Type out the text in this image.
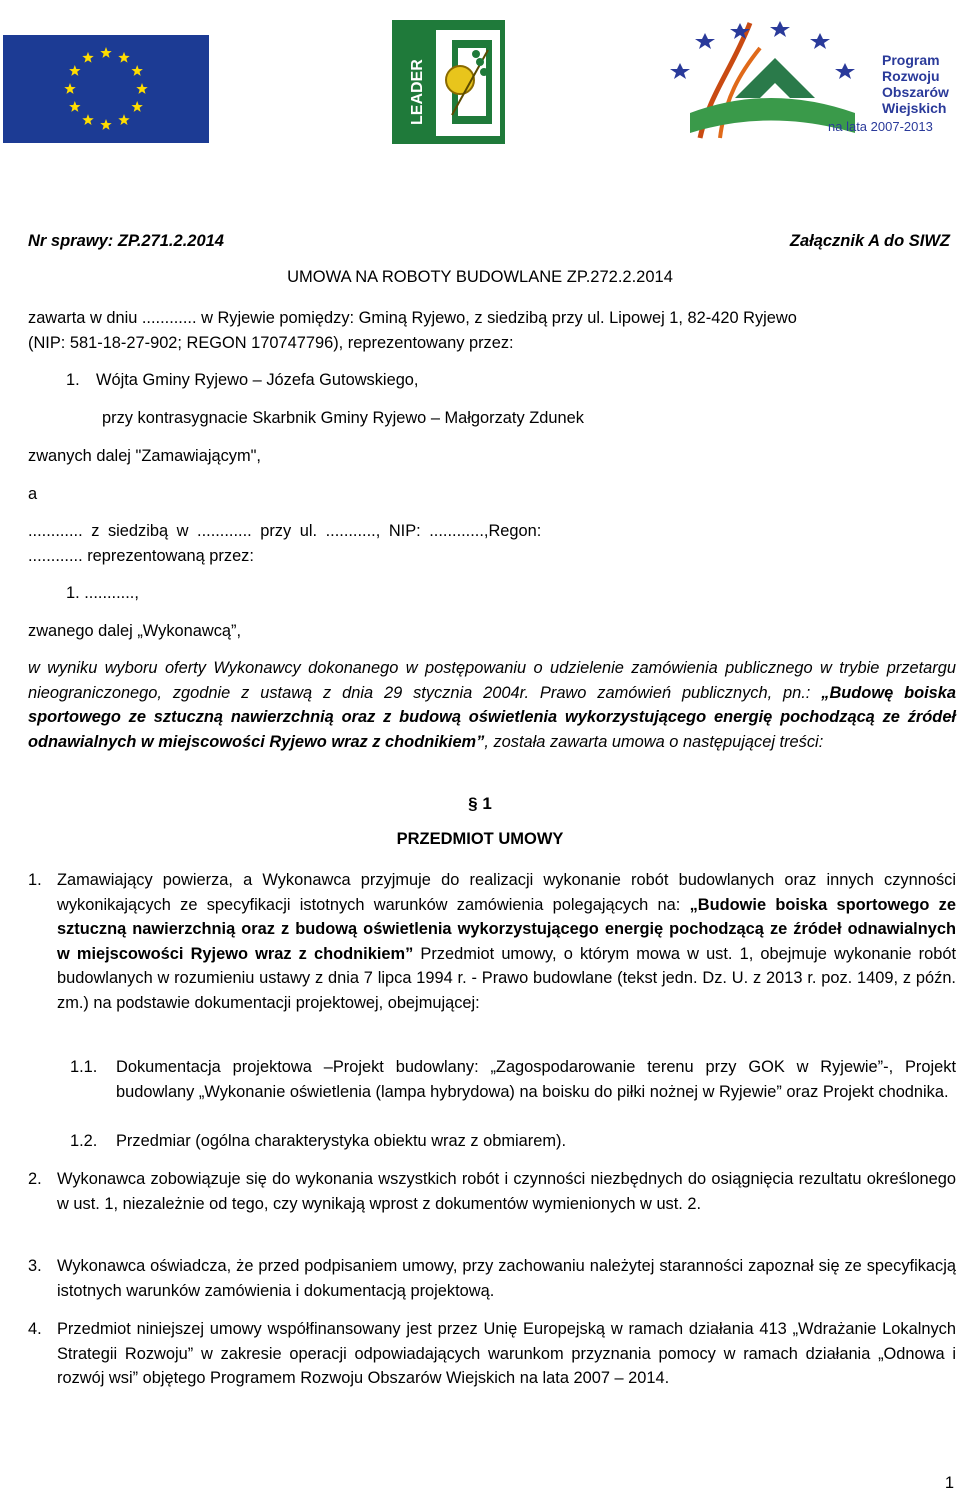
LEADER	Program
Rozwoju
Obszarów
Wiejskich
na lata 2007-2013
Nr sprawy: ZP.271.2.2014	Załącznik A do SIWZ
UMOWA NA ROBOTY BUDOWLANE ZP.272.2.2014
zawarta w dniu ............ w Ryjewie pomiędzy: Gminą Ryjewo, z siedzibą przy ul. Lipowej 1, 82-420 Ryjewo
(NIP: 581-18-27-902; REGON 170747796), reprezentowany przez:
1. Wójta Gminy Ryjewo – Józefa Gutowskiego,
przy kontrasygnacie Skarbnik Gminy Ryjewo – Małgorzaty Zdunek
zwanych dalej "Zamawiającym",
a
............ z siedzibą w ............ przy ul. ..........., NIP: ............,Regon:
............ reprezentowaną przez:
1. ...........,
zwanego dalej „Wykonawcą”,
w wyniku wyboru oferty Wykonawcy dokonanego w postępowaniu o udzielenie zamówienia publicznego w trybie przetargu nieograniczonego, zgodnie z ustawą z dnia 29 stycznia 2004r. Prawo zamówień publicznych, pn.: „Budowę boiska sportowego ze sztuczną nawierzchnią oraz z budową oświetlenia wykorzystującego energię pochodzącą ze źródeł odnawialnych w miejscowości Ryjewo wraz z chodnikiem”, została zawarta umowa o następującej treści:
§ 1
PRZEDMIOT UMOWY
1. Zamawiający powierza, a Wykonawca przyjmuje do realizacji wykonanie robót budowlanych oraz innych czynności wykonikających ze specyfikacji istotnych warunków zamówienia polegających na: „Budowie boiska sportowego ze sztuczną nawierzchnią oraz z budową oświetlenia wykorzystującego energię pochodzącą ze źródeł odnawialnych w miejscowości Ryjewo wraz z chodnikiem” Przedmiot umowy, o którym mowa w ust. 1, obejmuje wykonanie robót budowlanych w rozumieniu ustawy z dnia 7 lipca 1994 r. - Prawo budowlane (tekst jedn. Dz. U. z 2013 r. poz. 1409, z późn. zm.) na podstawie dokumentacji projektowej, obejmującej:
1.1. Dokumentacja projektowa –Projekt budowlany: „Zagospodarowanie terenu przy GOK w Ryjewie”-, Projekt budowlany „Wykonanie oświetlenia (lampa hybrydowa) na boisku do piłki nożnej w Ryjewie” oraz Projekt chodnika.
1.2. Przedmiar (ogólna charakterystyka obiektu wraz z obmiarem).
2. Wykonawca zobowiązuje się do wykonania wszystkich robót i czynności niezbędnych do osiągnięcia rezultatu określonego w ust. 1, niezależnie od tego, czy wynikają wprost z dokumentów wymienionych w ust. 2.
3. Wykonawca oświadcza, że przed podpisaniem umowy, przy zachowaniu należytej staranności zapoznał się ze specyfikacją istotnych warunków zamówienia i dokumentacją projektową.
4. Przedmiot niniejszej umowy współfinansowany jest przez Unię Europejską w ramach działania 413 „Wdrażanie Lokalnych Strategii Rozwoju” w zakresie operacji odpowiadających warunkom przyznania pomocy w ramach działania „Odnowa i rozwój wsi” objętego Programem Rozwoju Obszarów Wiejskich na lata 2007 – 2014.
1
